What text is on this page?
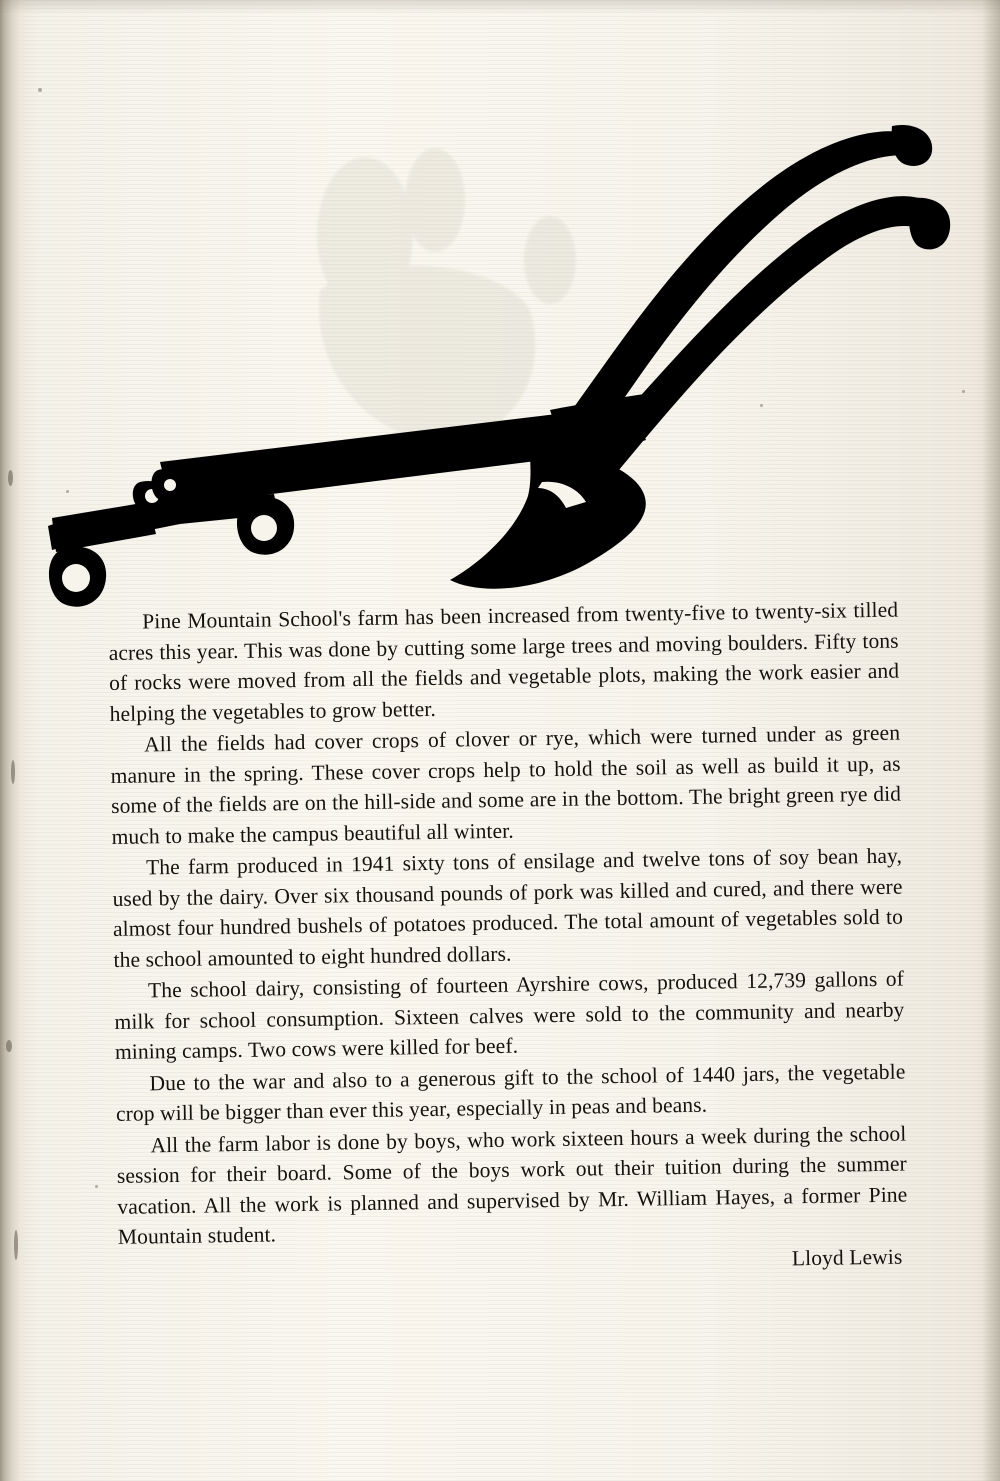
Pine Mountain School's farm has been increased from twenty-five to twenty-six tilled acres this year. This was done by cutting some large trees and moving boulders. Fifty tons of rocks were moved from all the fields and vegetable plots, making the work easier and helping the vegetables to grow better.

All the fields had cover crops of clover or rye, which were turned under as green manure in the spring. These cover crops help to hold the soil as well as build it up, as some of the fields are on the hill-side and some are in the bottom. The bright green rye did much to make the campus beautiful all winter.

The farm produced in 1941 sixty tons of ensilage and twelve tons of soy bean hay, used by the dairy. Over six thousand pounds of pork was killed and cured, and there were almost four hundred bushels of potatoes produced. The total amount of vegetables sold to the school amounted to eight hundred dollars.

The school dairy, consisting of fourteen Ayrshire cows, produced 12,739 gallons of milk for school consumption. Sixteen calves were sold to the community and nearby mining camps. Two cows were killed for beef.

Due to the war and also to a generous gift to the school of 1440 jars, the vegetable crop will be bigger than ever this year, especially in peas and beans.

All the farm labor is done by boys, who work sixteen hours a week during the school session for their board. Some of the boys work out their tuition during the summer vacation. All the work is planned and supervised by Mr. William Hayes, a former Pine Mountain student.

Lloyd Lewis
